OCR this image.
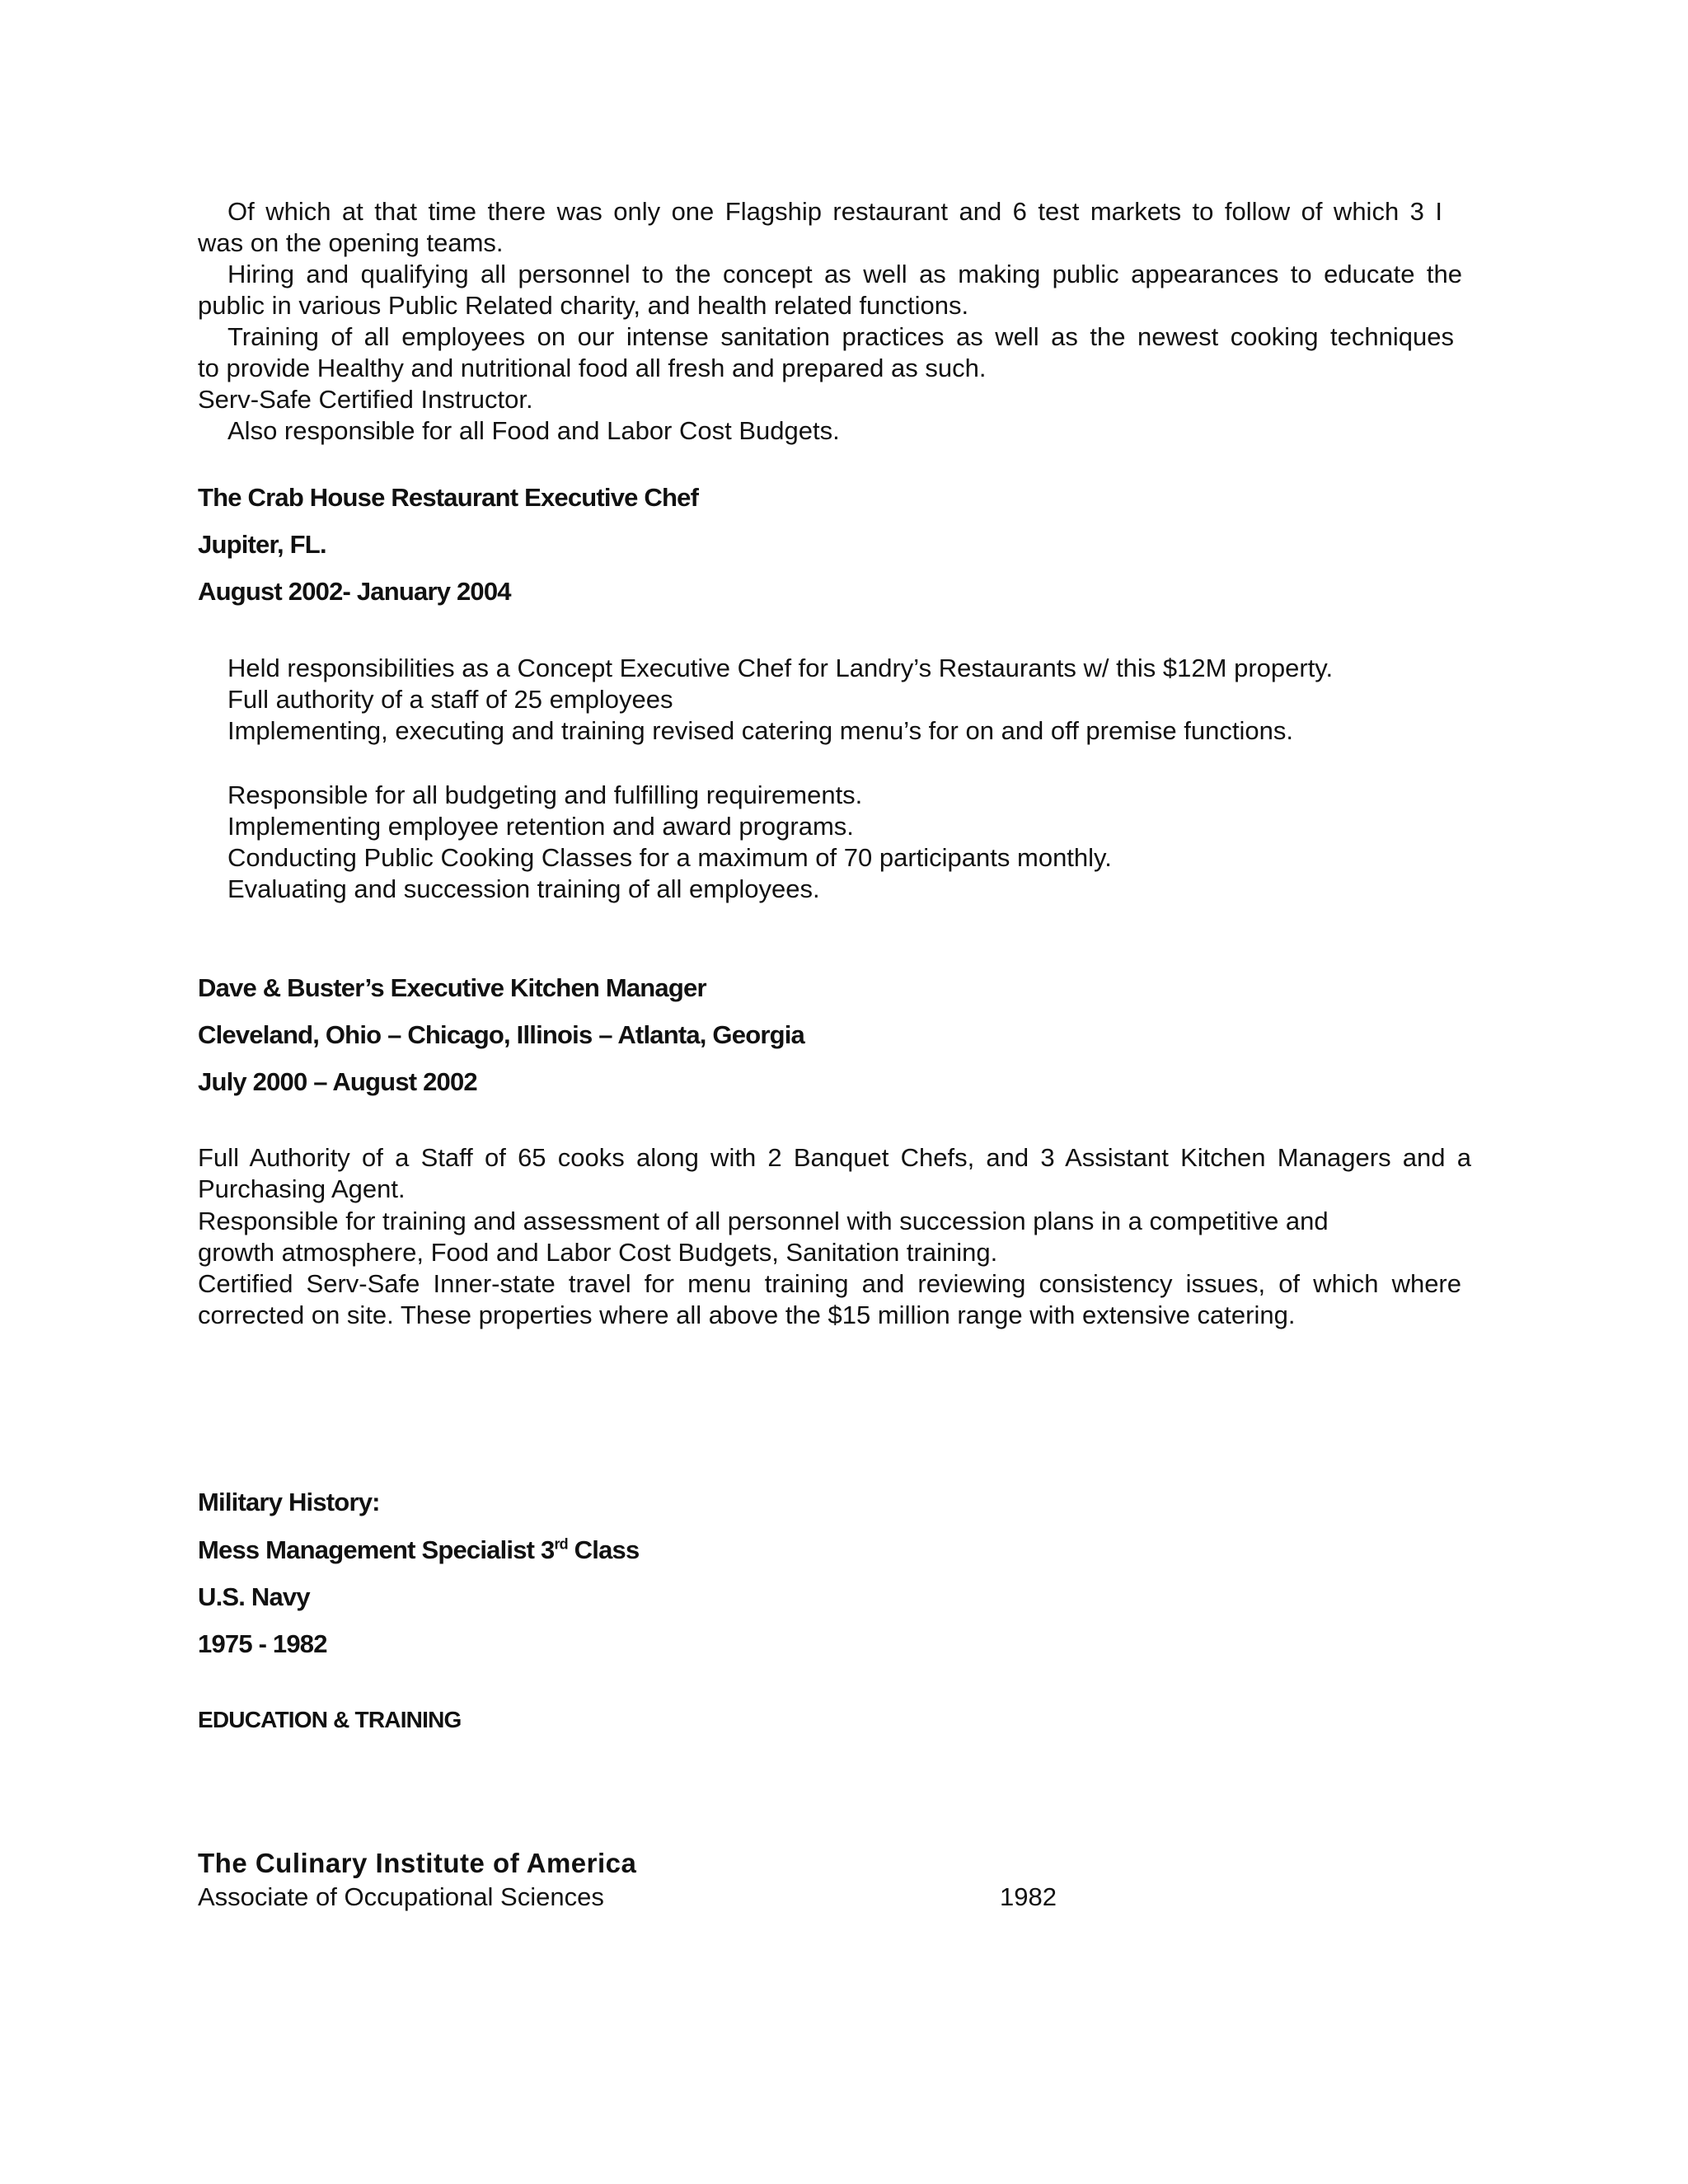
Of which at that time there was only one Flagship restaurant and 6 test markets to follow of which 3 I
was on the opening teams.
Hiring and qualifying all personnel to the concept as well as making public appearances to educate the
public in various Public Related charity, and health related functions.
Training of all employees on our intense sanitation practices as well as the newest cooking techniques
to provide Healthy and nutritional food all fresh and prepared as such.
Serv-Safe Certified Instructor.
Also responsible for all Food and Labor Cost Budgets.
The Crab House Restaurant Executive Chef
Jupiter, FL.
August 2002- January 2004
Held responsibilities as a Concept Executive Chef for Landry’s Restaurants w/ this $12M property.
Full authority of a staff of 25 employees
Implementing, executing and training revised catering menu’s for on and off premise functions.
Responsible for all budgeting and fulfilling requirements.
Implementing employee retention and award programs.
Conducting Public Cooking Classes for a maximum of 70 participants monthly.
Evaluating and succession training of all employees.
Dave & Buster’s Executive Kitchen Manager
Cleveland, Ohio – Chicago, Illinois – Atlanta, Georgia
July 2000 – August 2002
Full Authority of a Staff of 65 cooks along with 2 Banquet Chefs, and 3 Assistant Kitchen Managers and a
Purchasing Agent.
Responsible for training and assessment of all personnel with succession plans in a competitive and
growth atmosphere, Food and Labor Cost Budgets, Sanitation training.
Certified Serv-Safe Inner-state travel for menu training and reviewing consistency issues, of which where
corrected on site. These properties where all above the $15 million range with extensive catering.
Military History:
Mess Management Specialist 3rd Class
U.S. Navy
1975 - 1982
EDUCATION & TRAINING
The Culinary Institute of America
Associate of Occupational Sciences	1982
